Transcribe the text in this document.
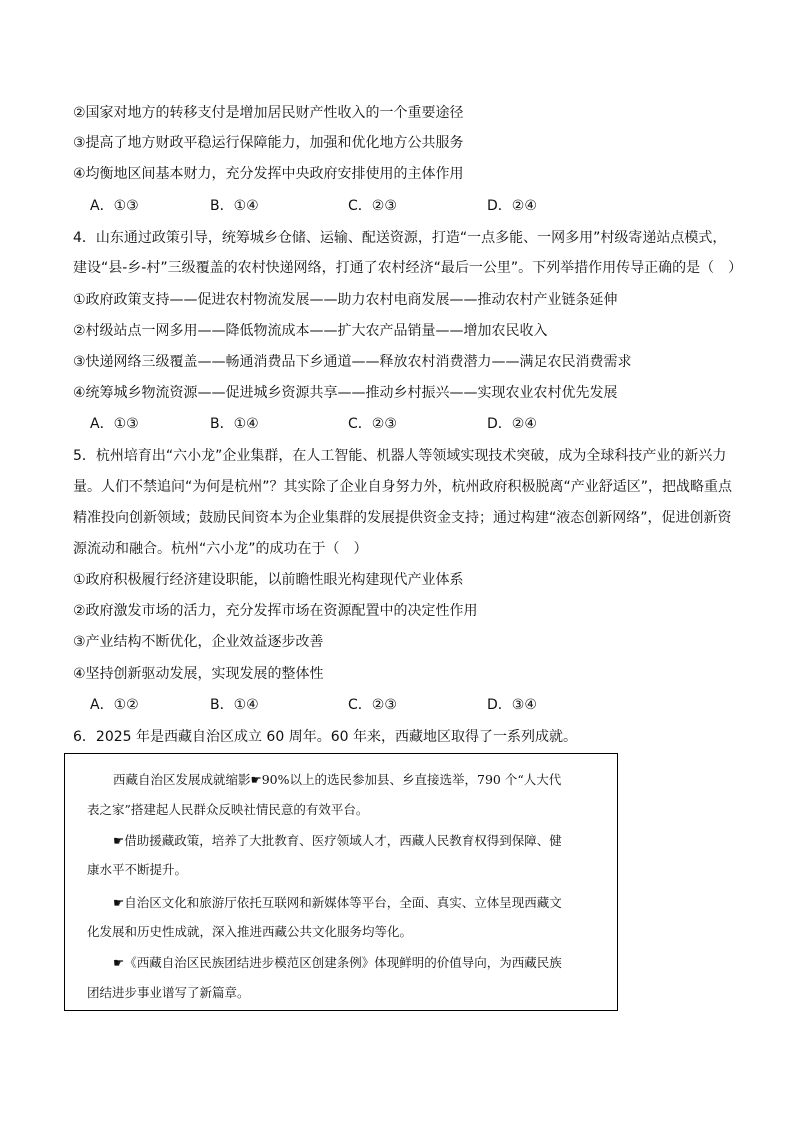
②国家对地方的转移支付是增加居民财产性收入的一个重要途径
③提高了地方财政平稳运行保障能力，加强和优化地方公共服务
④均衡地区间基本财力，充分发挥中央政府安排使用的主体作用
A．①③	B．①④	C．②③	D．②④
4．山东通过政策引导，统筹城乡仓储、运输、配送资源，打造“一点多能、一网多用”村级寄递站点模式，
建设“县-乡-村”三级覆盖的农村快递网络，打通了农村经济“最后一公里”。下列举措作用传导正确的是（　）
①政府政策支持——促进农村物流发展——助力农村电商发展——推动农村产业链条延伸
②村级站点一网多用——降低物流成本——扩大农产品销量——增加农民收入
③快递网络三级覆盖——畅通消费品下乡通道——释放农村消费潜力——满足农民消费需求
④统筹城乡物流资源——促进城乡资源共享——推动乡村振兴——实现农业农村优先发展
A．①③	B．①④	C．②③	D．②④
5．杭州培育出“六小龙”企业集群，在人工智能、机器人等领域实现技术突破，成为全球科技产业的新兴力
量。人们不禁追问“为何是杭州”？其实除了企业自身努力外，杭州政府积极脱离“产业舒适区”，把战略重点
精准投向创新领域；鼓励民间资本为企业集群的发展提供资金支持；通过构建“液态创新网络”，促进创新资
源流动和融合。杭州“六小龙”的成功在于（　）
①政府积极履行经济建设职能，以前瞻性眼光构建现代产业体系
②政府激发市场的活力，充分发挥市场在资源配置中的决定性作用
③产业结构不断优化，企业效益逐步改善
④坚持创新驱动发展，实现发展的整体性
A．①②	B．①④	C．②③	D．③④
6．2025 年是西藏自治区成立 60 周年。60 年来，西藏地区取得了一系列成就。
西藏自治区发展成就缩影☛90%以上的选民参加县、乡直接选举，790 个“人大代
表之家”搭建起人民群众反映社情民意的有效平台。
☛借助援藏政策，培养了大批教育、医疗领域人才，西藏人民教育权得到保障、健
康水平不断提升。
☛自治区文化和旅游厅依托互联网和新媒体等平台，全面、真实、立体呈现西藏文
化发展和历史性成就，深入推进西藏公共文化服务均等化。
☛《西藏自治区民族团结进步模范区创建条例》体现鲜明的价值导向，为西藏民族
团结进步事业谱写了新篇章。
